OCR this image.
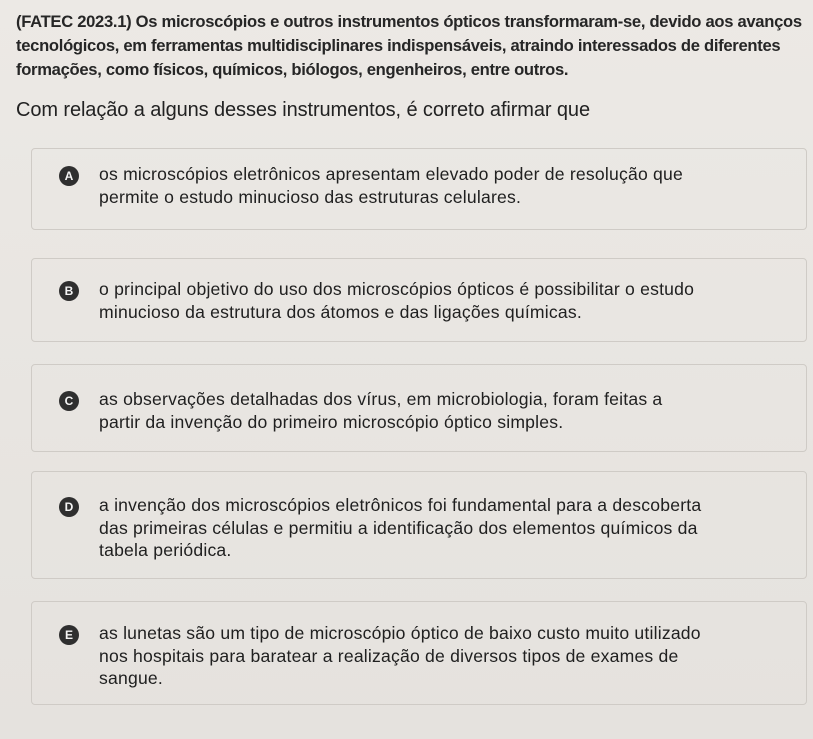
(FATEC 2023.1) Os microscópios e outros instrumentos ópticos transformaram-se, devido aos avanços
tecnológicos, em ferramentas multidisciplinares indispensáveis, atraindo interessados de diferentes
formações, como físicos, químicos, biólogos, engenheiros, entre outros.
Com relação a alguns desses instrumentos, é correto afirmar que
A	os microscópios eletrônicos apresentam elevado poder de resolução que
permite o estudo minucioso das estruturas celulares.
B	o principal objetivo do uso dos microscópios ópticos é possibilitar o estudo
minucioso da estrutura dos átomos e das ligações químicas.
C	as observações detalhadas dos vírus, em microbiologia, foram feitas a
partir da invenção do primeiro microscópio óptico simples.
D	a invenção dos microscópios eletrônicos foi fundamental para a descoberta
das primeiras células e permitiu a identificação dos elementos químicos da
tabela periódica.
E	as lunetas são um tipo de microscópio óptico de baixo custo muito utilizado
nos hospitais para baratear a realização de diversos tipos de exames de
sangue.
